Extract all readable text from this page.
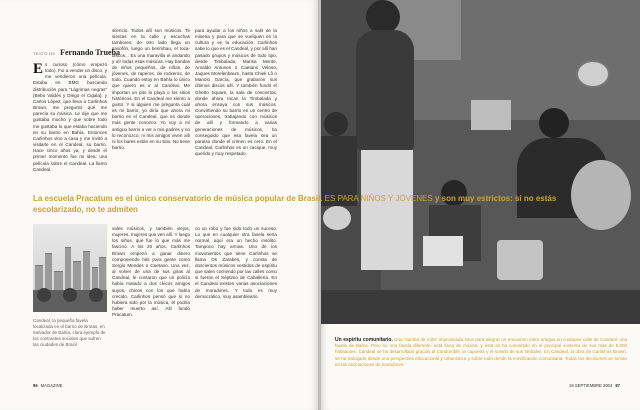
TEXTO DE Fernando Trueba
Es curioso (cómo empezó todo). Fui a vender un disco, y me vendieron una película. Estaba en BMG buscando distribución para “Lágrimas negras” (Bebo Valdés y Diego el Cigala), y Carlos López, que lleva a Carlinhos Brown, me preguntó qué me parecía su música. Le dije que me gustaba mucho y que sobre todo me gustaba lo que estaba haciendo en su barrio en Bahía. Entonces Carlinhos vino a casa y me invitó a visitarle en el Candeal, su barrio. Hace cinco años ya, y desde el primer momento fue mi idea: una película sobre el Candeal. La llamo Candeal.
silencio. Todos allí son músicos. Te sientas en la calle y escuchas tambores, de otro lado llega un saxofón, luego un berimbau, el toca-discos... Es una maravilla el andando y oír todas esas músicas. Hay bandas de niños pequeños, de niñas, de jóvenes, de raperos, de rockeros, de todo. Cuando estoy en Bahía lo único que quiero es ir al Candeal. Me importan un pito la playa o los sitios históricos. En el Candeal me siento a gusto. Y si alguien me pregunta cuál es mi barrio, yo diría que ahora mi barrio es el Candeal, que es donde más gente conozco. Yo voy a mi antiguo barrio a ver a mis padres y no lo reconozco; ni mis amigos viven allí ni los bares están en su sitio. No tiene barrio.
para ayudar a los niños a salir de la miseria y para que se vuelquen en la cultura y en la educación. Carlinhos sabe lo que es el Candeal, y por allí han pasado grupos y músicos de todo tipo, desde Timbalada, Marisa Monte, Arnaldo Antunes o Caetano Veloso, Jaques Morelenbaum, hasta Chiek Lô o Manolo García, que grabaron sus últimos discos allí. Y también fundó el Ghetto Square, la sala de conciertos, donde ahora tocan la Timbalada y ahora ensaya con sus músicos. Convirtiendo su barrio en un centro de operaciones, trabajando con músicos de allí y formando a varias generaciones de músicos, ha conseguido que esa favela sea un paraíso donde el crimen es cero. En el Candeal, Carlinhos es un cacique, muy querido y muy respetado.
Candeal, la pequeña favela localizada en el barrio de Brotas, en Salvador de Bahía, clara ejemplo de los contrastes sociales que sufren las ciudades de Brasil
vales músicos, y también viejos, mujeres, mujeres que ven allí. Y luego los niños, que fue lo que más me fascinó. A los 20 años, Carlinhos Brown empezó a ganar dinero componiendo hits para gente como Sergio Mendes o Caetano. Una vez, al volver de una de sus giras al Candeal, le contaron que un policía había matado a dos chicos amigos suyos, chicos con los que había crecido. Carlinhos pensó que si no hubiera sido por la música, él podría haber muerto así. Allí fundó Pracatum.
co un robo y fue sido todo un suceso. Lo que en cualquier otra favela sería normal, aquí era un hecho insólito. Tampoco hay armas. Uno de los movimientos que tiene Carlinhos se llama Os Zarabes, y consta de doscientos músicos vestidos de espíritu que salen corriendo por las calles como si fueran el Séptimo de Caballería. En el Candeal existen varias asociaciones de moradores. Y todo es muy democrático, muy asambleario.
86 MAGAZINE
Un espíritu comunitario. Una “samba de roda” improvisada sirve para alegrar un encuentro entre amigos en cualquier calle de Candeal, una favela de Bahía. Pero no una favela diferente: está llena de música, y ésta se ha convertido en el principal sustento de sus más de 5.000 habitantes. Candeal se ha desarrollado gracias al Candomblé, la capoeira y el sonido de sus timbales. En Candeal, la obra de Carlinhos Brown, se ha trabajado desde una perspectiva educacional y urbanística y sobre todo desde la movilización comunitaria. Todas las decisiones se toman en las asociaciones de moradores.
19 SEPTIEMBRE 2004 87
La escuela Pracatum es el único conservatorio de música popular de Brasil. ES PARA NIÑOS Y JÓVENES y son muy estrictos: si no estás escolarizado, no te admiten
